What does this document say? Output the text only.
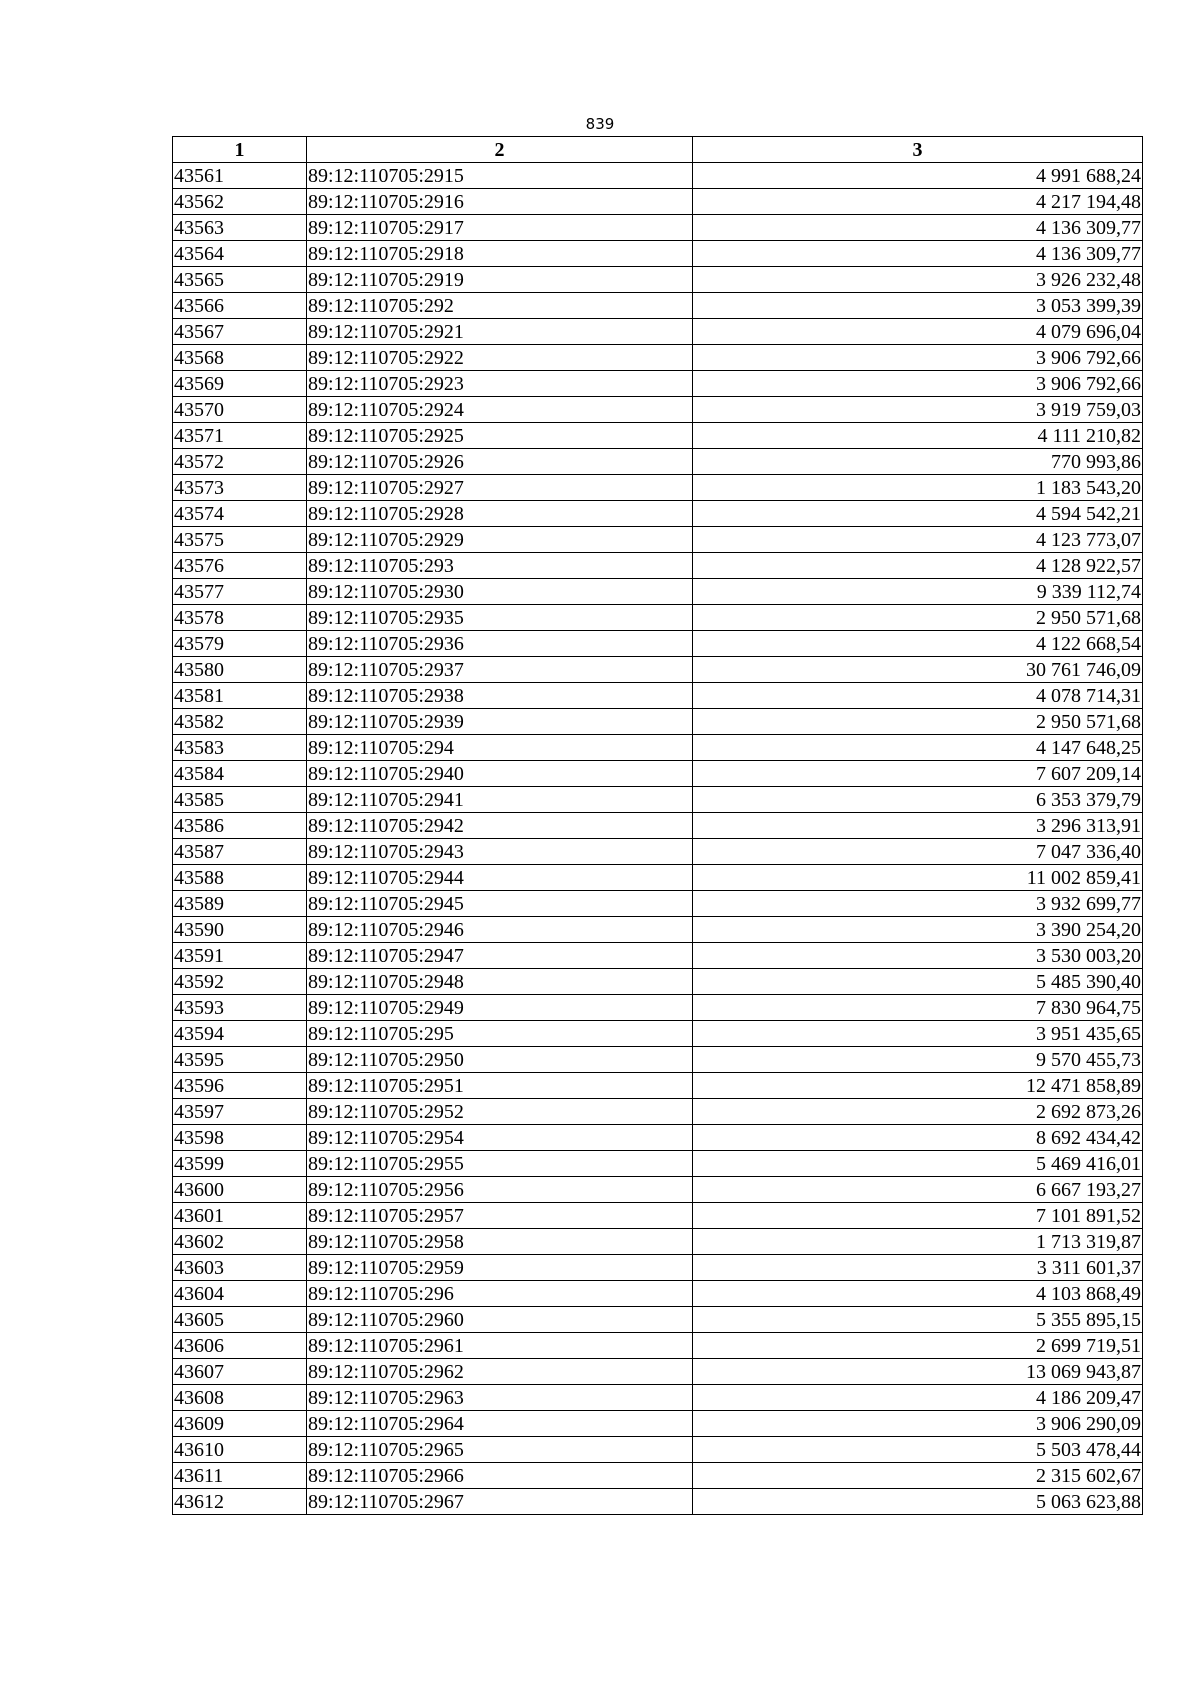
839
1	2	3
43561	89:12:110705:2915	4 991 688,24
43562	89:12:110705:2916	4 217 194,48
43563	89:12:110705:2917	4 136 309,77
43564	89:12:110705:2918	4 136 309,77
43565	89:12:110705:2919	3 926 232,48
43566	89:12:110705:292	3 053 399,39
43567	89:12:110705:2921	4 079 696,04
43568	89:12:110705:2922	3 906 792,66
43569	89:12:110705:2923	3 906 792,66
43570	89:12:110705:2924	3 919 759,03
43571	89:12:110705:2925	4 111 210,82
43572	89:12:110705:2926	770 993,86
43573	89:12:110705:2927	1 183 543,20
43574	89:12:110705:2928	4 594 542,21
43575	89:12:110705:2929	4 123 773,07
43576	89:12:110705:293	4 128 922,57
43577	89:12:110705:2930	9 339 112,74
43578	89:12:110705:2935	2 950 571,68
43579	89:12:110705:2936	4 122 668,54
43580	89:12:110705:2937	30 761 746,09
43581	89:12:110705:2938	4 078 714,31
43582	89:12:110705:2939	2 950 571,68
43583	89:12:110705:294	4 147 648,25
43584	89:12:110705:2940	7 607 209,14
43585	89:12:110705:2941	6 353 379,79
43586	89:12:110705:2942	3 296 313,91
43587	89:12:110705:2943	7 047 336,40
43588	89:12:110705:2944	11 002 859,41
43589	89:12:110705:2945	3 932 699,77
43590	89:12:110705:2946	3 390 254,20
43591	89:12:110705:2947	3 530 003,20
43592	89:12:110705:2948	5 485 390,40
43593	89:12:110705:2949	7 830 964,75
43594	89:12:110705:295	3 951 435,65
43595	89:12:110705:2950	9 570 455,73
43596	89:12:110705:2951	12 471 858,89
43597	89:12:110705:2952	2 692 873,26
43598	89:12:110705:2954	8 692 434,42
43599	89:12:110705:2955	5 469 416,01
43600	89:12:110705:2956	6 667 193,27
43601	89:12:110705:2957	7 101 891,52
43602	89:12:110705:2958	1 713 319,87
43603	89:12:110705:2959	3 311 601,37
43604	89:12:110705:296	4 103 868,49
43605	89:12:110705:2960	5 355 895,15
43606	89:12:110705:2961	2 699 719,51
43607	89:12:110705:2962	13 069 943,87
43608	89:12:110705:2963	4 186 209,47
43609	89:12:110705:2964	3 906 290,09
43610	89:12:110705:2965	5 503 478,44
43611	89:12:110705:2966	2 315 602,67
43612	89:12:110705:2967	5 063 623,88
